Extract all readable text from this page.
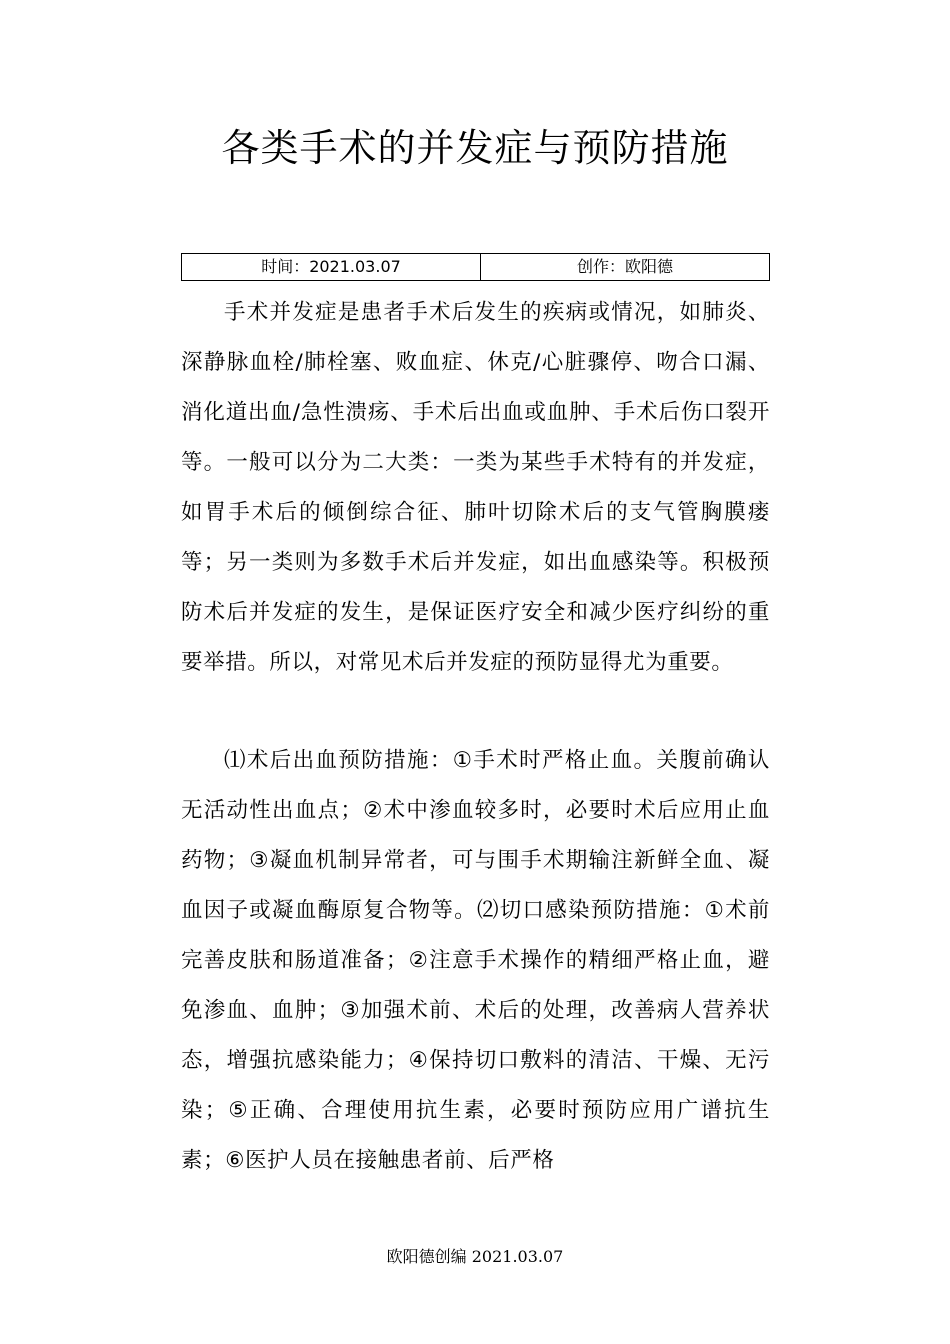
各类手术的并发症与预防措施
时间：2021.03.07	创作：欧阳德

手术并发症是患者手术后发生的疾病或情况，如肺炎、深静脉血栓/肺栓塞、败血症、休克/心脏骤停、吻合口漏、消化道出血/急性溃疡、手术后出血或血肿、手术后伤口裂开等。一般可以分为二大类：一类为某些手术特有的并发症，如胃手术后的倾倒综合征、肺叶切除术后的支气管胸膜瘘等；另一类则为多数手术后并发症，如出血感染等。积极预防术后并发症的发生，是保证医疗安全和减少医疗纠纷的重要举措。所以，对常见术后并发症的预防显得尤为重要。

⑴术后出血预防措施：①手术时严格止血。关腹前确认无活动性出血点；②术中渗血较多时，必要时术后应用止血药物；③凝血机制异常者，可与围手术期输注新鲜全血、凝血因子或凝血酶原复合物等。⑵切口感染预防措施：①术前完善皮肤和肠道准备；②注意手术操作的精细严格止血，避免渗血、血肿；③加强术前、术后的处理，改善病人营养状态，增强抗感染能力；④保持切口敷料的清洁、干燥、无污染；⑤正确、合理使用抗生素，必要时预防应用广谱抗生素；⑥医护人员在接触患者前、后严格

欧阳德创编 2021.03.07
